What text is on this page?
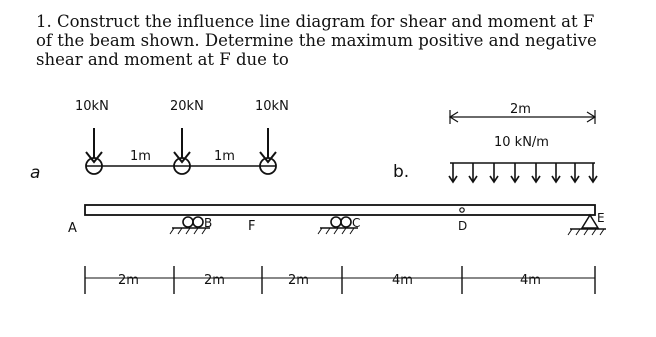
1. Construct the influence line diagram for shear and moment at F
of the beam shown. Determine the maximum positive and negative
shear and moment at F due to
a
10kN	20kN	10kN
1m	1m
b.
2m
10 kN/m
A	B	F	C	D
E
2m	2m	2m	4m	4m
